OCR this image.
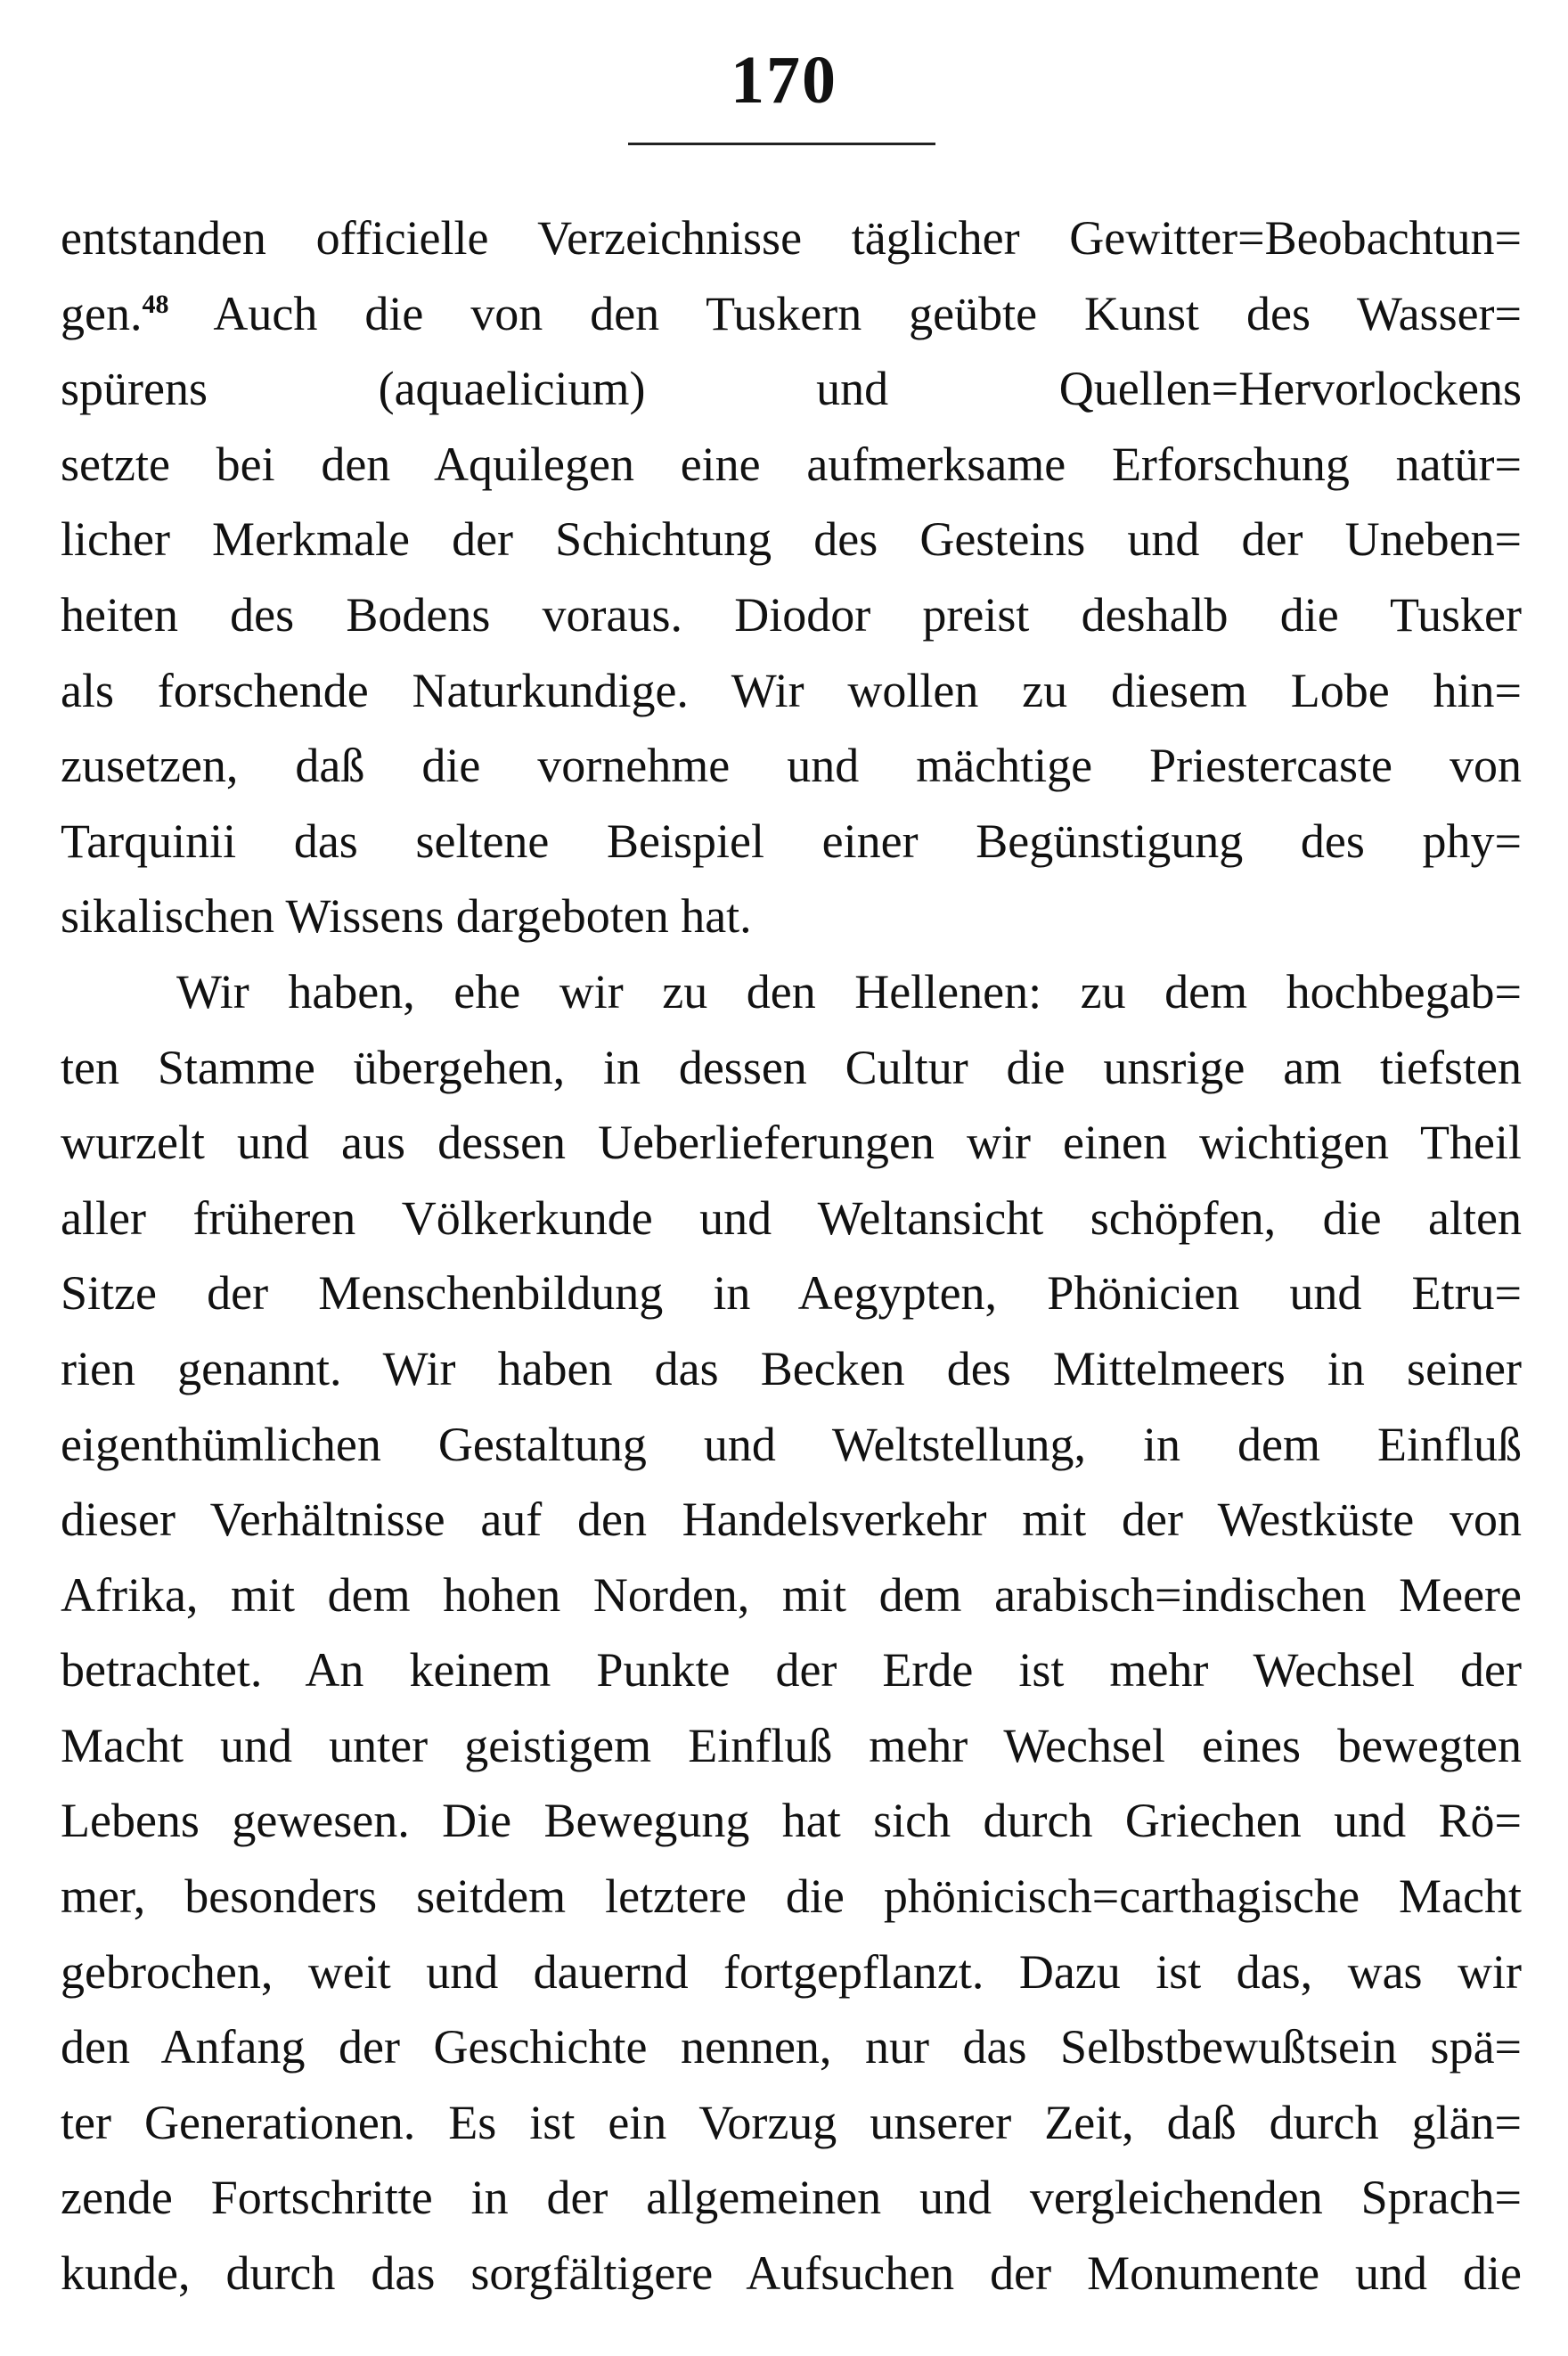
170
entstanden officielle Verzeichnisse täglicher Gewitter=Beobachtun=
gen.$^{48}$ Auch die von den Tuskern geübte Kunst des Wasser=
spürens (aquaelicium) und Quellen=Hervorlockens
setzte bei den Aquilegen eine aufmerksame Erforschung natür=
licher Merkmale der Schichtung des Gesteins und der Uneben=
heiten des Bodens voraus. Diodor preist deshalb die Tusker
als forschende Naturkundige. Wir wollen zu diesem Lobe hin=
zusetzen, daß die vornehme und mächtige Priestercaste von
Tarquinii das seltene Beispiel einer Begünstigung des phy=
sikalischen Wissens dargeboten hat.
Wir haben, ehe wir zu den Hellenen: zu dem hochbegab=
ten Stamme übergehen, in dessen Cultur die unsrige am tiefsten
wurzelt und aus dessen Ueberlieferungen wir einen wichtigen Theil
aller früheren Völkerkunde und Weltansicht schöpfen, die alten
Sitze der Menschenbildung in Aegypten, Phönicien und Etru=
rien genannt. Wir haben das Becken des Mittelmeers in seiner
eigenthümlichen Gestaltung und Weltstellung, in dem Einfluß
dieser Verhältnisse auf den Handelsverkehr mit der Westküste von
Afrika, mit dem hohen Norden, mit dem arabisch=indischen Meere
betrachtet. An keinem Punkte der Erde ist mehr Wechsel der
Macht und unter geistigem Einfluß mehr Wechsel eines bewegten
Lebens gewesen. Die Bewegung hat sich durch Griechen und Rö=
mer, besonders seitdem letztere die phönicisch=carthagische Macht
gebrochen, weit und dauernd fortgepflanzt. Dazu ist das, was wir
den Anfang der Geschichte nennen, nur das Selbstbewußtsein spä=
ter Generationen. Es ist ein Vorzug unserer Zeit, daß durch glän=
zende Fortschritte in der allgemeinen und vergleichenden Sprach=
kunde, durch das sorgfältigere Aufsuchen der Monumente und die
